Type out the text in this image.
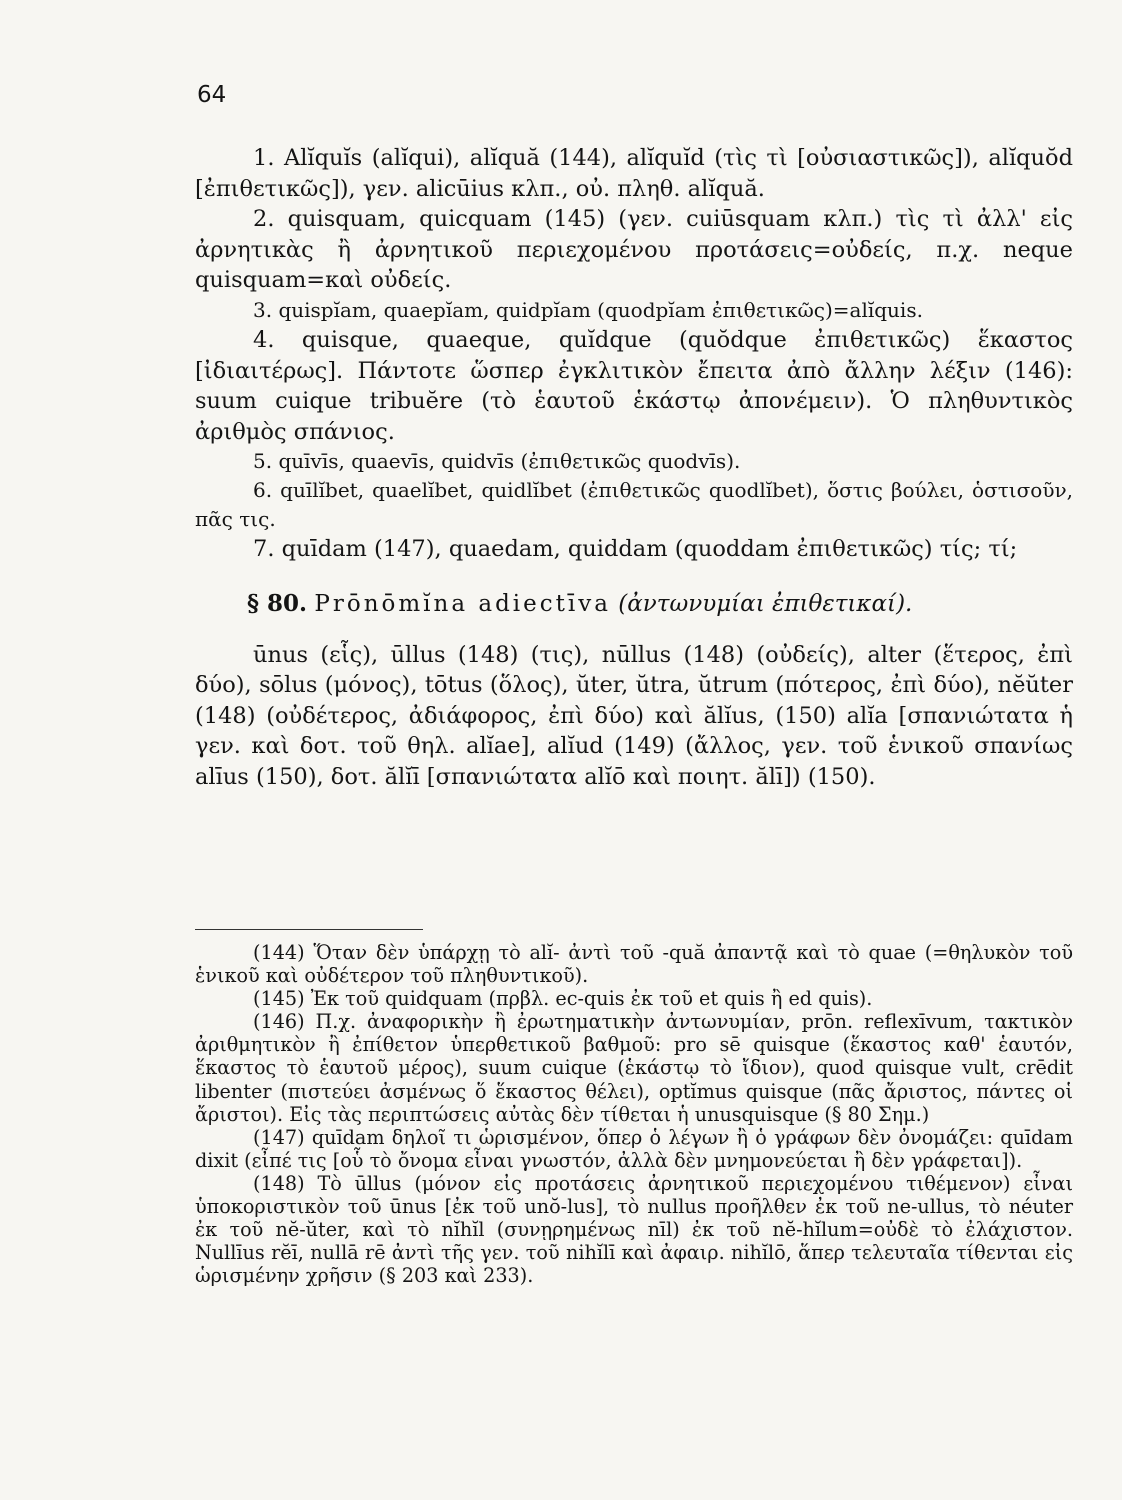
64

1. Alĭquĭs (alĭqui), alĭquă (144), alĭquĭd (τὶς τὶ [οὐσιαστικῶς]), alĭquŏd [ἐπιθετικῶς]), γεν. alicūius κλπ., οὐ. πληθ. alĭquă.

2. quisquam, quicquam (145) (γεν. cuiūsquam κλπ.) τὶς τὶ ἀλλ' εἰς ἀρνητικὰς ἢ ἀρνητικοῦ περιεχομένου προτάσεις=οὐδείς, π.χ. neque quisquam=καὶ οὐδείς.

3. quispĭam, quaepĭam, quidpĭam (quodpĭam ἐπιθετικῶς)=alĭquis.

4. quisque, quaeque, quĭdque (quŏdque ἐπιθετικῶς) ἕκαστος [ἰδιαιτέρως]. Πάντοτε ὥσπερ ἐγκλιτικὸν ἔπειτα ἀπὸ ἄλλην λέξιν (146): suum cuique tribuĕre (τὸ ἑαυτοῦ ἑκάστῳ ἀπονέμειν). Ὁ πληθυντικὸς ἀριθμὸς σπάνιος.

5. quīvīs, quaevīs, quidvīs (ἐπιθετικῶς quodvīs).

6. quīlĭbet, quaelĭbet, quidlĭbet (ἐπιθετικῶς quodlĭbet), ὅστις βούλει, ὁστισοῦν, πᾶς τις.

7. quīdam (147), quaedam, quiddam (quoddam ἐπιθετικῶς) τίς; τί;

§ 80. Prōnōmĭna adiectīva (ἀντωνυμίαι ἐπιθετικαί).

ūnus (εἷς), ūllus (148) (τις), nūllus (148) (οὐδείς), alter (ἕτερος, ἐπὶ δύο), sōlus (μόνος), tōtus (ὅλος), ŭter, ŭtra, ŭtrum (πότερος, ἐπὶ δύο), nĕŭter (148) (οὐδέτερος, ἀδιάφορος, ἐπὶ δύο) καὶ ălĭus, (150) alĭa [σπανιώτατα ἡ γεν. καὶ δοτ. τοῦ θηλ. alĭae], alĭud (149) (ἄλλος, γεν. τοῦ ἑνικοῦ σπανίως alīus (150), δοτ. ălĭī [σπανιώτατα alĭō καὶ ποιητ. ălī]) (150).

(144) Ὅταν δὲν ὑπάρχῃ τὸ alĭ- ἀντὶ τοῦ -quă ἀπαντᾷ καὶ τὸ quae (=θηλυκὸν τοῦ ἑνικοῦ καὶ οὐδέτερον τοῦ πληθυντικοῦ).

(145) Ἐκ τοῦ quidquam (πρβλ. ec-quis ἐκ τοῦ et quis ἢ ed quis).

(146) Π.χ. ἀναφορικὴν ἢ ἐρωτηματικὴν ἀντωνυμίαν, prōn. reflexīvum, τακτικὸν ἀριθμητικὸν ἢ ἐπίθετον ὑπερθετικοῦ βαθμοῦ: pro sē quisque (ἕκαστος καθ' ἑαυτόν, ἕκαστος τὸ ἑαυτοῦ μέρος), suum cuique (ἑκάστῳ τὸ ἴδιον), quod quisque vult, crēdit libenter (πιστεύει ἀσμένως ὅ ἕκαστος θέλει), optĭmus quisque (πᾶς ἄριστος, πάντες οἱ ἄριστοι). Εἰς τὰς περιπτώσεις αὐτὰς δὲν τίθεται ἡ unusquisque (§ 80 Σημ.)

(147) quīdam δηλοῖ τι ὡρισμένον, ὅπερ ὁ λέγων ἢ ὁ γράφων δὲν ὀνομάζει: quīdam dixit (εἶπέ τις [οὗ τὸ ὄνομα εἶναι γνωστόν, ἀλλὰ δὲν μνημονεύεται ἢ δὲν γράφεται]).

(148) Τὸ ūllus (μόνον εἰς προτάσεις ἀρνητικοῦ περιεχομένου τιθέμενον) εἶναι ὑποκοριστικὸν τοῦ ūnus [ἐκ τοῦ unŏ-lus], τὸ nullus προῆλθεν ἐκ τοῦ ne-ullus, τὸ néuter ἐκ τοῦ nĕ-ŭter, καὶ τὸ nĭhĭl (συνῃρημένως nīl) ἐκ τοῦ nĕ-hĭlum=οὐδὲ τὸ ἐλάχιστον. Nullīus rĕī, nullā rē ἀντὶ τῆς γεν. τοῦ nihĭlī καὶ ἀφαιρ. nihĭlō, ἅπερ τελευταῖα τίθενται εἰς ὡρισμένην χρῆσιν (§ 203 καὶ 233).
